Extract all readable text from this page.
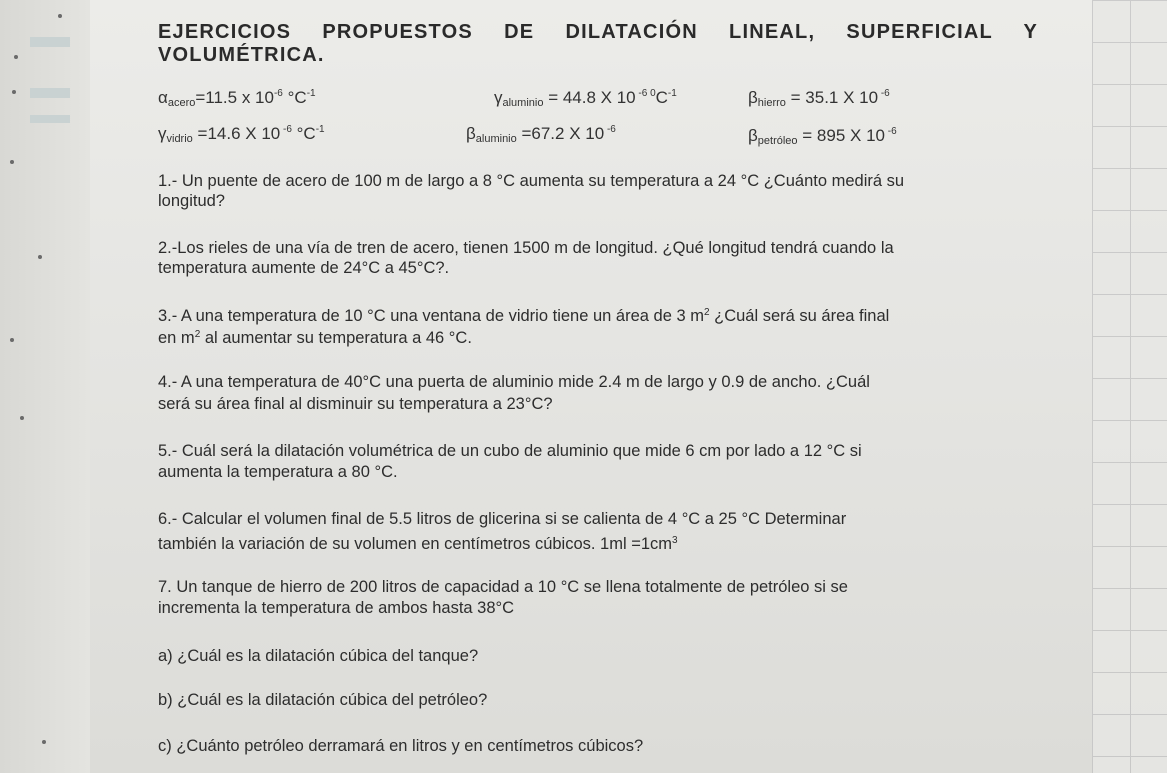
EJERCICIOS PROPUESTOS DE DILATACIÓN LINEAL, SUPERFICIAL Y
VOLUMÉTRICA.
$\alpha_{acero}=11.5$ x $10^{-6}$ $^\circ C^{-1}$	$\gamma_{aluminio} = 44.8$ X 10 $^{-6 0}C^{-1}$	$\beta_{hierro} = 35.1$ X 10 $^{-6}$
$\gamma_{vidrio} =14.6$ X 10 $^{-6}$ $^\circ C^{-1}$	$\beta_{aluminio} =67.2$ X 10 $^{-6}$	$\beta_{petróleo} = 895$ X 10 $^{-6}$
1.- Un puente de acero de 100 m de largo a 8 °C aumenta su temperatura a 24 °C ¿Cuánto medirá su
longitud?
2.-Los rieles de una vía de tren de acero, tienen 1500 m de longitud. ¿Qué longitud tendrá cuando la
temperatura aumente de 24°C a 45°C?.
3.- A una temperatura de 10 °C una ventana de vidrio tiene un área de 3 $m^2$ ¿Cuál será su área final
en $m^2$ al aumentar su temperatura a 46 °C.
4.- A una temperatura de 40°C una puerta de aluminio mide 2.4 m de largo y 0.9 de ancho. ¿Cuál
será su área final al disminuir su temperatura a 23°C?
5.- Cuál será la dilatación volumétrica de un cubo de aluminio que mide 6 cm por lado a 12 °C si
aumenta la temperatura a 80 °C.
6.- Calcular el volumen final de 5.5 litros de glicerina si se calienta de 4 °C a 25 °C Determinar
también la variación de su volumen en centímetros cúbicos. $1ml =1cm^3$
7. Un tanque de hierro de 200 litros de capacidad a 10 °C se llena totalmente de petróleo si se
incrementa la temperatura de ambos hasta 38°C
a) ¿Cuál es la dilatación cúbica del tanque?
b) ¿Cuál es la dilatación cúbica del petróleo?
c) ¿Cuánto petróleo derramará en litros y en centímetros cúbicos?
